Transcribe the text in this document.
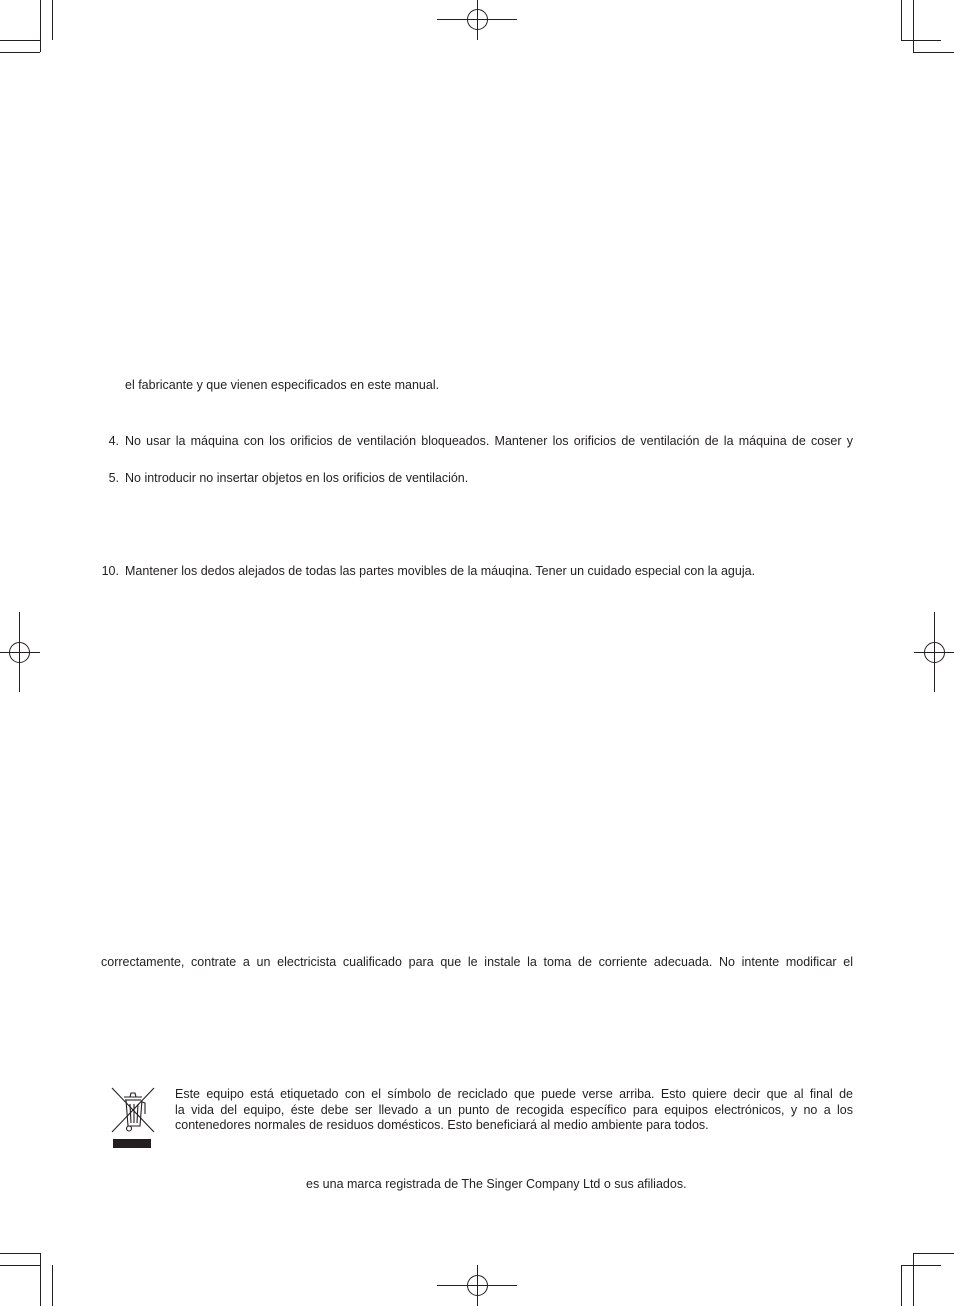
el fabricante y que vienen especificados en este manual.
4. No usar la máquina con los orificios de ventilación bloqueados. Mantener los orificios de ventilación de la máquina de coser y
5. No introducir no insertar objetos en los orificios de ventilación.
10. Mantener los dedos alejados de todas las partes movibles de la máuqina. Tener un cuidado especial con la aguja.
correctamente, contrate a un electricista cualificado para que le instale la toma de corriente adecuada. No intente modificar el
Este equipo está etiquetado con el símbolo de reciclado que puede verse arriba. Esto quiere decir que al final de
la vida del equipo, éste debe ser llevado a un punto de recogida específico para equipos electrónicos, y no a los
contenedores normales de residuos domésticos. Esto beneficiará al medio ambiente para todos.
es una marca registrada de The Singer Company Ltd o sus afiliados.
